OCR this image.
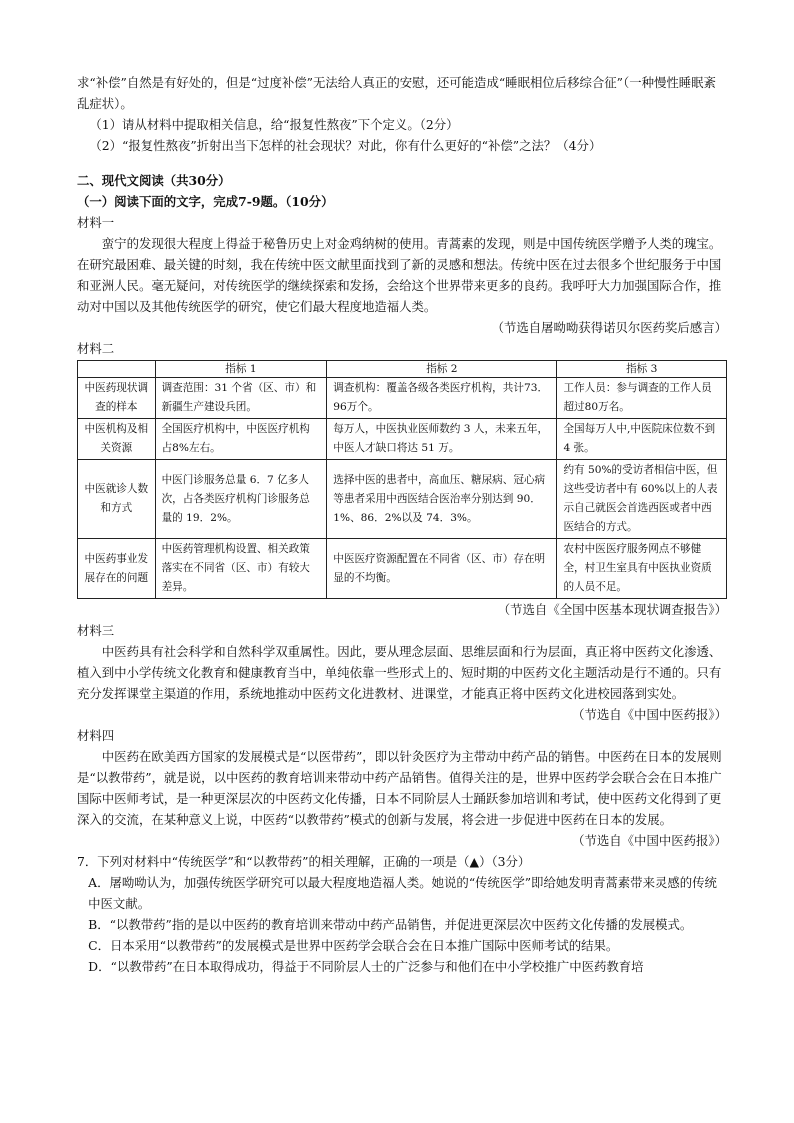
求“补偿”自然是有好处的，但是“过度补偿”无法给人真正的安慰，还可能造成“睡眠相位后移综合征”（一种慢性睡眠紊乱症状）。

（1）请从材料中提取相关信息，给“报复性熬夜”下个定义。（2分）

（2）“报复性熬夜”折射出当下怎样的社会现状？对此，你有什么更好的“补偿”之法？（4分）

二、现代文阅读（共30分）

（一）阅读下面的文字，完成7-9题。（10分）

材料一

蛮宁的发现很大程度上得益于秘鲁历史上对金鸡纳树的使用。青蒿素的发现，则是中国传统医学赠予人类的瑰宝。在研究最困难、最关键的时刻，我在传统中医文献里面找到了新的灵感和想法。传统中医在过去很多个世纪服务于中国和亚洲人民。毫无疑问，对传统医学的继续探索和发扬，会给这个世界带来更多的良药。我呼吁大力加强国际合作，推动对中国以及其他传统医学的研究，使它们最大程度地造福人类。

（节选自屠呦呦获得诺贝尔医药奖后感言）

材料二

	指标 1	指标 2	指标 3
中医药现状调查的样本	调查范围：31 个省（区、市）和新疆生产建设兵团。	调查机构：覆盖各级各类医疗机构，共计73．96万个。	工作人员：参与调查的工作人员超过80万名。
中医机构及相关资源	全国医疗机构中，中医医疗机构占8%左右。	每万人，中医执业医师数约 3 人，未来五年，中医人才缺口将达 51 万。	全国每万人中,中医院床位数不到 4 张。
中医就诊人数和方式	中医门诊服务总量 6．7 亿多人次，占各类医疗机构门诊服务总量的 19．2%。	选择中医的患者中，高血压、糖尿病、冠心病等患者采用中西医结合医治率分别达到 90．1%、86．2%以及 74．3%。	约有 50%的受访者相信中医，但这些受访者中有 60%以上的人表示自己就医会首选西医或者中西医结合的方式。
中医药事业发展存在的问题	中医药管理机构设置、相关政策落实在不同省（区、市）有较大差异。	中医医疗资源配置在不同省（区、市）存在明显的不均衡。	农村中医医疗服务网点不够健全，村卫生室具有中医执业资质的人员不足。

（节选自《全国中医基本现状调查报告》）

材料三

中医药具有社会科学和自然科学双重属性。因此，要从理念层面、思维层面和行为层面，真正将中医药文化渗透、植入到中小学传统文化教育和健康教育当中，单纯依靠一些形式上的、短时期的中医药文化主题活动是行不通的。只有充分发挥课堂主渠道的作用，系统地推动中医药文化进教材、进课堂，才能真正将中医药文化进校园落到实处。

（节选自《中国中医药报》）

材料四

中医药在欧美西方国家的发展模式是“以医带药”，即以针灸医疗为主带动中药产品的销售。中医药在日本的发展则是“以教带药”，就是说，以中医药的教育培训来带动中药产品销售。值得关注的是，世界中医药学会联合会在日本推广国际中医师考试，是一种更深层次的中医药文化传播，日本不同阶层人士踊跃参加培训和考试，使中医药文化得到了更深入的交流，在某种意义上说，中医药“以教带药”模式的创新与发展，将会进一步促进中医药在日本的发展。

（节选自《中国中医药报》）

7．下列对材料中“传统医学”和“以教带药”的相关理解，正确的一项是（▲）（3分）

A．屠呦呦认为，加强传统医学研究可以最大程度地造福人类。她说的“传统医学”即给她发明青蒿素带来灵感的传统中医文献。

B．“以教带药”指的是以中医药的教育培训来带动中药产品销售，并促进更深层次中医药文化传播的发展模式。

C．日本采用“以教带药”的发展模式是世界中医药学会联合会在日本推广国际中医师考试的结果。

D．“以教带药”在日本取得成功，得益于不同阶层人士的广泛参与和他们在中小学校推广中医药教育培
